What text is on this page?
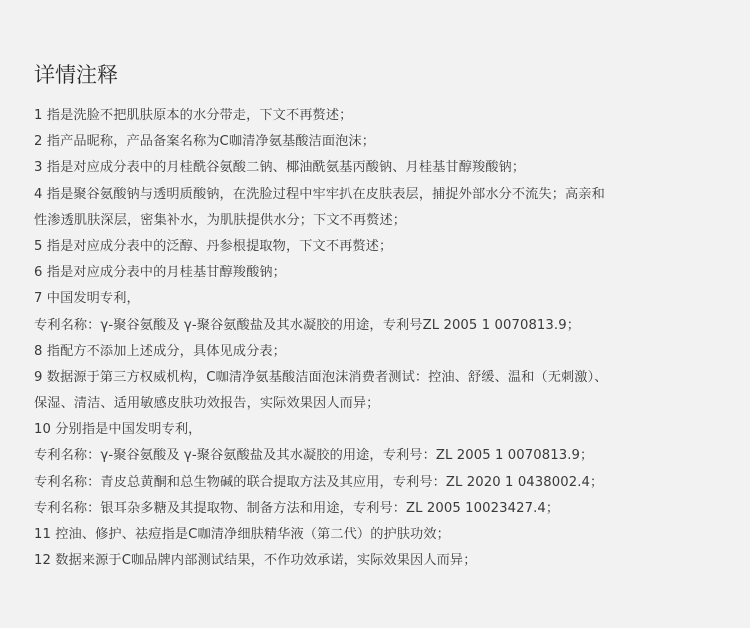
详情注释
1 指是洗脸不把肌肤原本的水分带走，下文不再赘述；
2 指产品昵称，产品备案名称为C咖清净氨基酸洁面泡沫；
3 指是对应成分表中的月桂酰谷氨酸二钠、椰油酰氨基丙酸钠、月桂基甘醇羧酸钠；
4 指是聚谷氨酸钠与透明质酸钠，在洗脸过程中牢牢扒在皮肤表层，捕捉外部水分不流失；高亲和
性渗透肌肤深层，密集补水，为肌肤提供水分；下文不再赘述；
5 指是对应成分表中的泛醇、丹参根提取物，下文不再赘述；
6 指是对应成分表中的月桂基甘醇羧酸钠；
7 中国发明专利，
专利名称：γ-聚谷氨酸及 γ-聚谷氨酸盐及其水凝胶的用途，专利号ZL 2005 1 0070813.9；
8 指配方不添加上述成分，具体见成分表；
9 数据源于第三方权威机构，C咖清净氨基酸洁面泡沫消费者测试：控油、舒缓、温和（无刺激）、
保湿、清洁、适用敏感皮肤功效报告，实际效果因人而异；
10 分别指是中国发明专利，
专利名称：γ-聚谷氨酸及 γ-聚谷氨酸盐及其水凝胶的用途，专利号：ZL 2005 1 0070813.9；
专利名称：青皮总黄酮和总生物碱的联合提取方法及其应用，专利号：ZL 2020 1 0438002.4；
专利名称：银耳杂多糖及其提取物、制备方法和用途，专利号：ZL 2005 10023427.4；
11 控油、修护、祛痘指是C咖清净细肤精华液（第二代）的护肤功效；
12 数据来源于C咖品牌内部测试结果，不作功效承诺，实际效果因人而异；
